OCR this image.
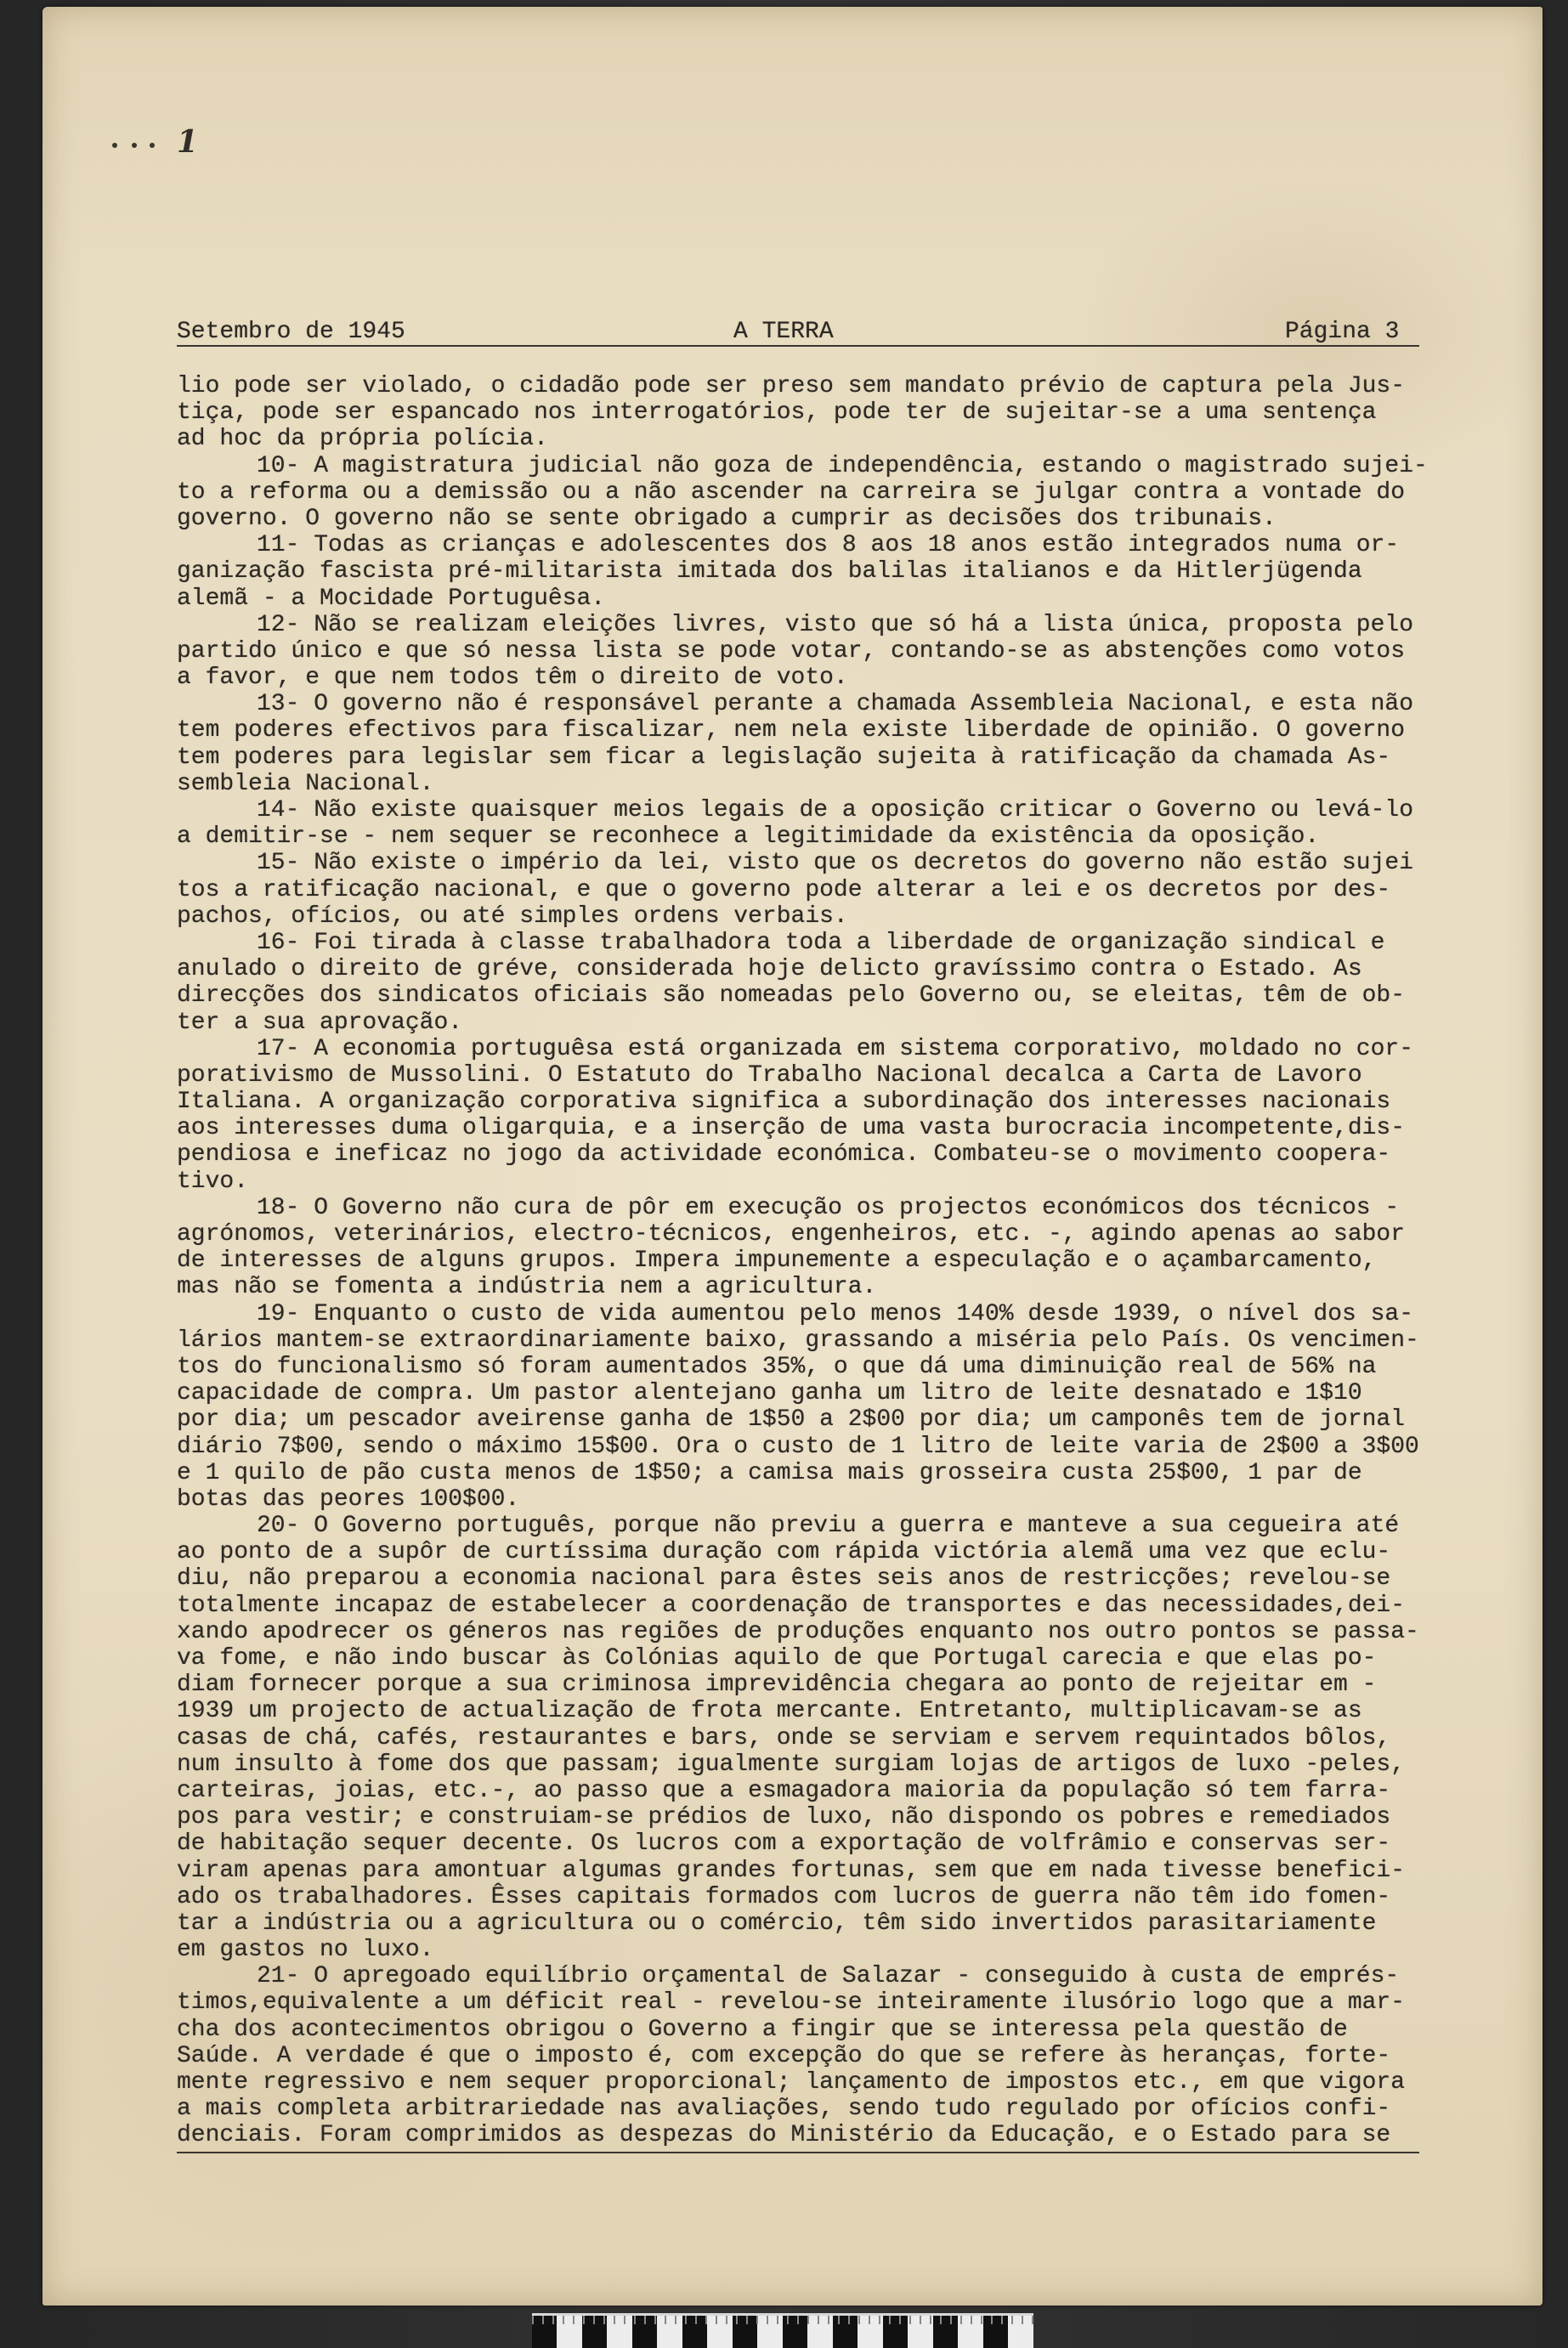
1
Setembro de 1945	A TERRA	Página 3
lio pode ser violado, o cidadão pode ser preso sem mandato prévio de captura pela Jus-
tiça, pode ser espancado nos interrogatórios, pode ter de sujeitar-se a uma sentença
ad hoc da própria polícia.
10- A magistratura judicial não goza de independência, estando o magistrado sujei-
to a reforma ou a demissão ou a não ascender na carreira se julgar contra a vontade do
governo. O governo não se sente obrigado a cumprir as decisões dos tribunais.
11- Todas as crianças e adolescentes dos 8 aos 18 anos estão integrados numa or-
ganização fascista pré-militarista imitada dos balilas italianos e da Hitlerjügenda
alemã - a Mocidade Portuguêsa.
12- Não se realizam eleições livres, visto que só há a lista única, proposta pelo
partido único e que só nessa lista se pode votar, contando-se as abstenções como votos
a favor, e que nem todos têm o direito de voto.
13- O governo não é responsável perante a chamada Assembleia Nacional, e esta não
tem poderes efectivos para fiscalizar, nem nela existe liberdade de opinião. O governo
tem poderes para legislar sem ficar a legislação sujeita à ratificação da chamada As-
sembleia Nacional.
14- Não existe quaisquer meios legais de a oposição criticar o Governo ou levá-lo
a demitir-se - nem sequer se reconhece a legitimidade da existência da oposição.
15- Não existe o império da lei, visto que os decretos do governo não estão sujei
tos a ratificação nacional, e que o governo pode alterar a lei e os decretos por des-
pachos, ofícios, ou até simples ordens verbais.
16- Foi tirada à classe trabalhadora toda a liberdade de organização sindical e
anulado o direito de gréve, considerada hoje delicto gravíssimo contra o Estado. As
direcções dos sindicatos oficiais são nomeadas pelo Governo ou, se eleitas, têm de ob-
ter a sua aprovação.
17- A economia portuguêsa está organizada em sistema corporativo, moldado no cor-
porativismo de Mussolini. O Estatuto do Trabalho Nacional decalca a Carta de Lavoro
Italiana. A organização corporativa significa a subordinação dos interesses nacionais
aos interesses duma oligarquia, e a inserção de uma vasta burocracia incompetente,dis-
pendiosa e ineficaz no jogo da actividade económica. Combateu-se o movimento coopera-
tivo.
18- O Governo não cura de pôr em execução os projectos económicos dos técnicos -
agrónomos, veterinários, electro-técnicos, engenheiros, etc. -, agindo apenas ao sabor
de interesses de alguns grupos. Impera impunemente a especulação e o açambarcamento,
mas não se fomenta a indústria nem a agricultura.
19- Enquanto o custo de vida aumentou pelo menos 140% desde 1939, o nível dos sa-
lários mantem-se extraordinariamente baixo, grassando a miséria pelo País. Os vencimen-
tos do funcionalismo só foram aumentados 35%, o que dá uma diminuição real de 56% na
capacidade de compra. Um pastor alentejano ganha um litro de leite desnatado e 1$10
por dia; um pescador aveirense ganha de 1$50 a 2$00 por dia; um camponês tem de jornal
diário 7$00, sendo o máximo 15$00. Ora o custo de 1 litro de leite varia de 2$00 a 3$00
e 1 quilo de pão custa menos de 1$50; a camisa mais grosseira custa 25$00, 1 par de
botas das peores 100$00.
20- O Governo português, porque não previu a guerra e manteve a sua cegueira até
ao ponto de a supôr de curtíssima duração com rápida victória alemã uma vez que eclu-
diu, não preparou a economia nacional para êstes seis anos de restricções; revelou-se
totalmente incapaz de estabelecer a coordenação de transportes e das necessidades,dei-
xando apodrecer os géneros nas regiões de produções enquanto nos outro pontos se passa-
va fome, e não indo buscar às Colónias aquilo de que Portugal carecia e que elas po-
diam fornecer porque a sua criminosa imprevidência chegara ao ponto de rejeitar em -
1939 um projecto de actualização de frota mercante. Entretanto, multiplicavam-se as
casas de chá, cafés, restaurantes e bars, onde se serviam e servem requintados bôlos,
num insulto à fome dos que passam; igualmente surgiam lojas de artigos de luxo -peles,
carteiras, joias, etc.-, ao passo que a esmagadora maioria da população só tem farra-
pos para vestir; e construiam-se prédios de luxo, não dispondo os pobres e remediados
de habitação sequer decente. Os lucros com a exportação de volfrâmio e conservas ser-
viram apenas para amontuar algumas grandes fortunas, sem que em nada tivesse benefici-
ado os trabalhadores. Êsses capitais formados com lucros de guerra não têm ido fomen-
tar a indústria ou a agricultura ou o comércio, têm sido invertidos parasitariamente
em gastos no luxo.
21- O apregoado equilíbrio orçamental de Salazar - conseguido à custa de emprés-
timos,equivalente a um déficit real - revelou-se inteiramente ilusório logo que a mar-
cha dos acontecimentos obrigou o Governo a fingir que se interessa pela questão de
Saúde. A verdade é que o imposto é, com excepção do que se refere às heranças, forte-
mente regressivo e nem sequer proporcional; lançamento de impostos etc., em que vigora
a mais completa arbitrariedade nas avaliações, sendo tudo regulado por ofícios confi-
denciais. Foram comprimidos as despezas do Ministério da Educação, e o Estado para se
